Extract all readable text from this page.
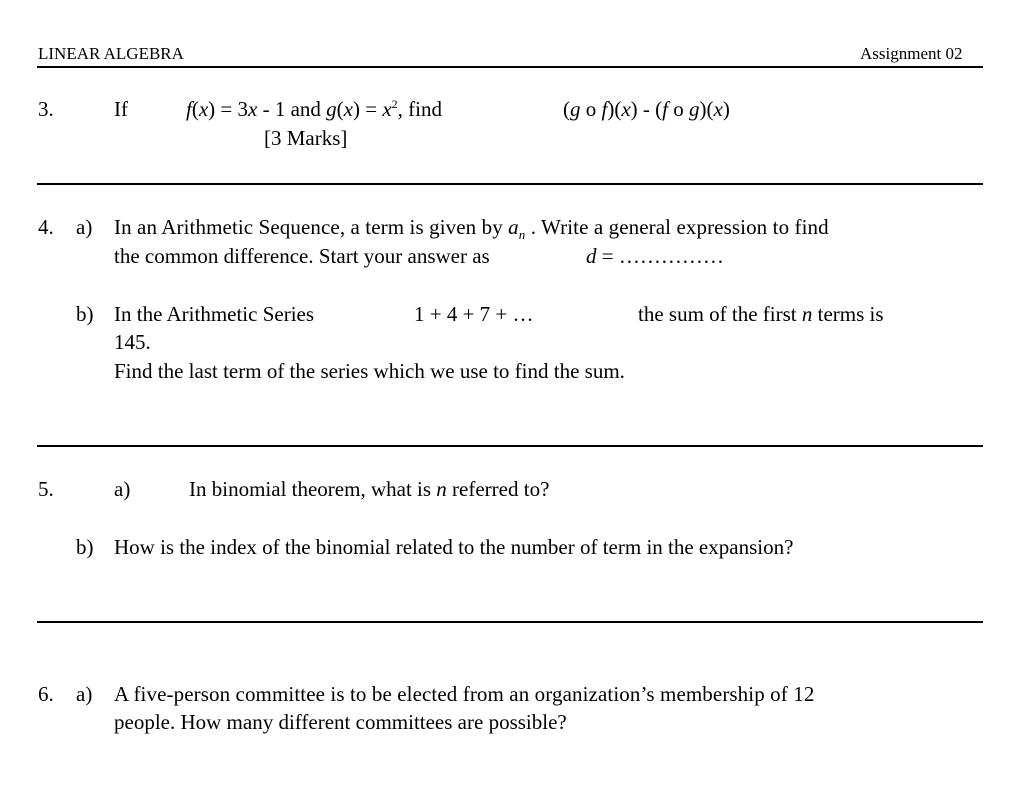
LINEAR ALGEBRA	Assignment 02
3.	If	f(x) = 3x - 1 and $g(x) = x^2$, find	(g o f)(x) - (f o g)(x)
[3 Marks]
4. a) In an Arithmetic Sequence, a term is given by $a_n$ . Write a general expression to find
the common difference. Start your answer as	d = ……………
b) In the Arithmetic Series	1 + 4 + 7 + …	the sum of the first n terms is
145.
Find the last term of the series which we use to find the sum.
5.	a)	In binomial theorem, what is n referred to?
b) How is the index of the binomial related to the number of term in the expansion?
6. a) A five-person committee is to be elected from an organization’s membership of 12
people. How many different committees are possible?
